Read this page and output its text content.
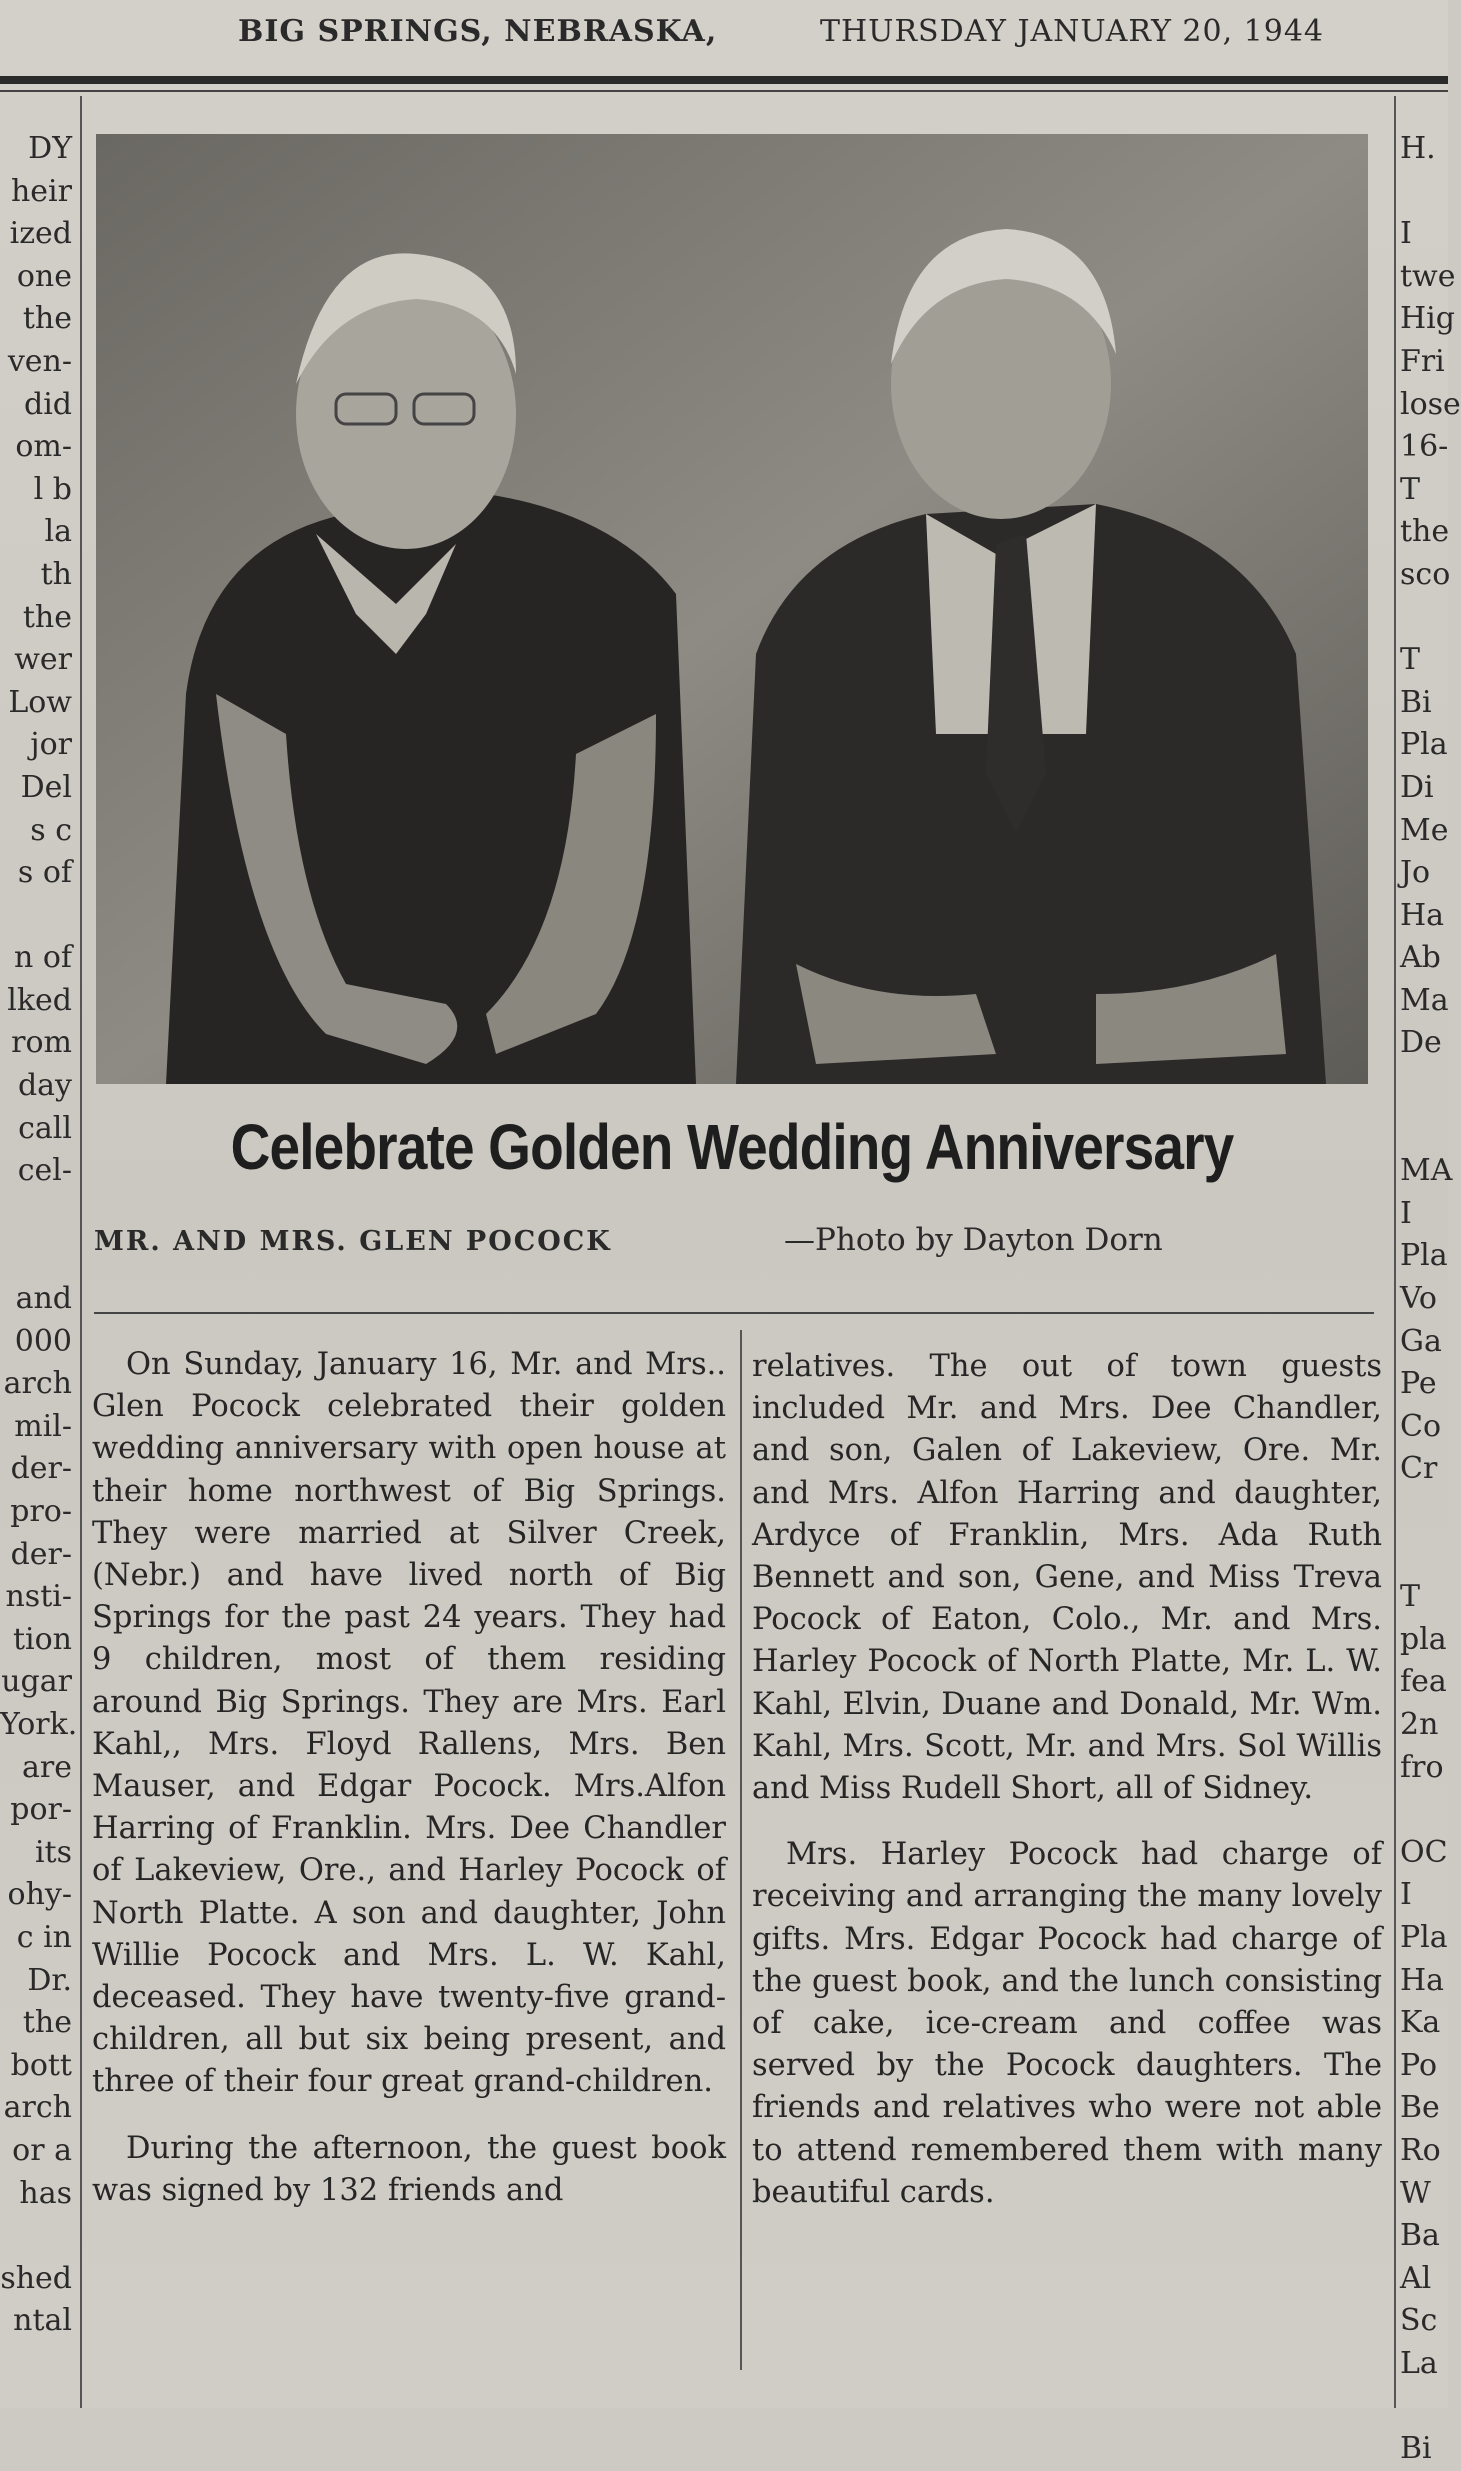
BIG SPRINGS, NEBRASKA,	THURSDAY JANUARY 20, 1944
DY
heir
ized
one
the
ven-
did
om-
l b
la
th
the
wer
Low
jor
Del
s c
s of

n of
lked
rom
day
call
cel-

and
000
arch
mil-
der-
pro-
der-
nsti-
tion
ugar
York.
are
por-
its
ohy-
c in
Dr.
the
bott
arch
or a
has

shed
ntal
H.

I
twe
Hig
Fri
lose
16-
T
the
sco

T
Bi
Pla
Di
Me
Jo
Ha
Ab
Ma
De

MA
I
Pla
Vo
Ga
Pe
Co
Cr

T
pla
fea
2n
fro

OC
I
Pla
Ha
Ka
Po
Be
Ro
W
Ba
Al
Sc
La

Bi
Celebrate Golden Wedding Anniversary
MR. AND MRS. GLEN POCOCK	—Photo by Dayton Dorn

On Sunday, January 16, Mr. and Mrs.. Glen Pocock celebrated their golden wedding anniversary with open house at their home northwest of Big Springs. They were married at Silver Creek, (Nebr.) and have lived north of Big Springs for the past 24 years. They had 9 children, most of them residing around Big Springs. They are Mrs. Earl Kahl,, Mrs. Floyd Rallens, Mrs. Ben Mauser, and Edgar Pocock. Mrs.Alfon Harring of Franklin. Mrs. Dee Chandler of Lakeview, Ore., and Harley Pocock of North Platte. A son and daughter, John Willie Pocock and Mrs. L. W. Kahl, deceased. They have twenty-five grand-children, all but six being present, and three of their four great grand-children.

During the afternoon, the guest book was signed by 132 friends and

relatives. The out of town guests included Mr. and Mrs. Dee Chandler, and son, Galen of Lakeview, Ore. Mr. and Mrs. Alfon Harring and daughter, Ardyce of Franklin, Mrs. Ada Ruth Bennett and son, Gene, and Miss Treva Pocock of Eaton, Colo., Mr. and Mrs. Harley Pocock of North Platte, Mr. L. W. Kahl, Elvin, Duane and Donald, Mr. Wm. Kahl, Mrs. Scott, Mr. and Mrs. Sol Willis and Miss Rudell Short, all of Sidney.

Mrs. Harley Pocock had charge of receiving and arranging the many lovely gifts. Mrs. Edgar Pocock had charge of the guest book, and the lunch consisting of cake, ice-cream and coffee was served by the Pocock daughters. The friends and relatives who were not able to attend remembered them with many beautiful cards.
